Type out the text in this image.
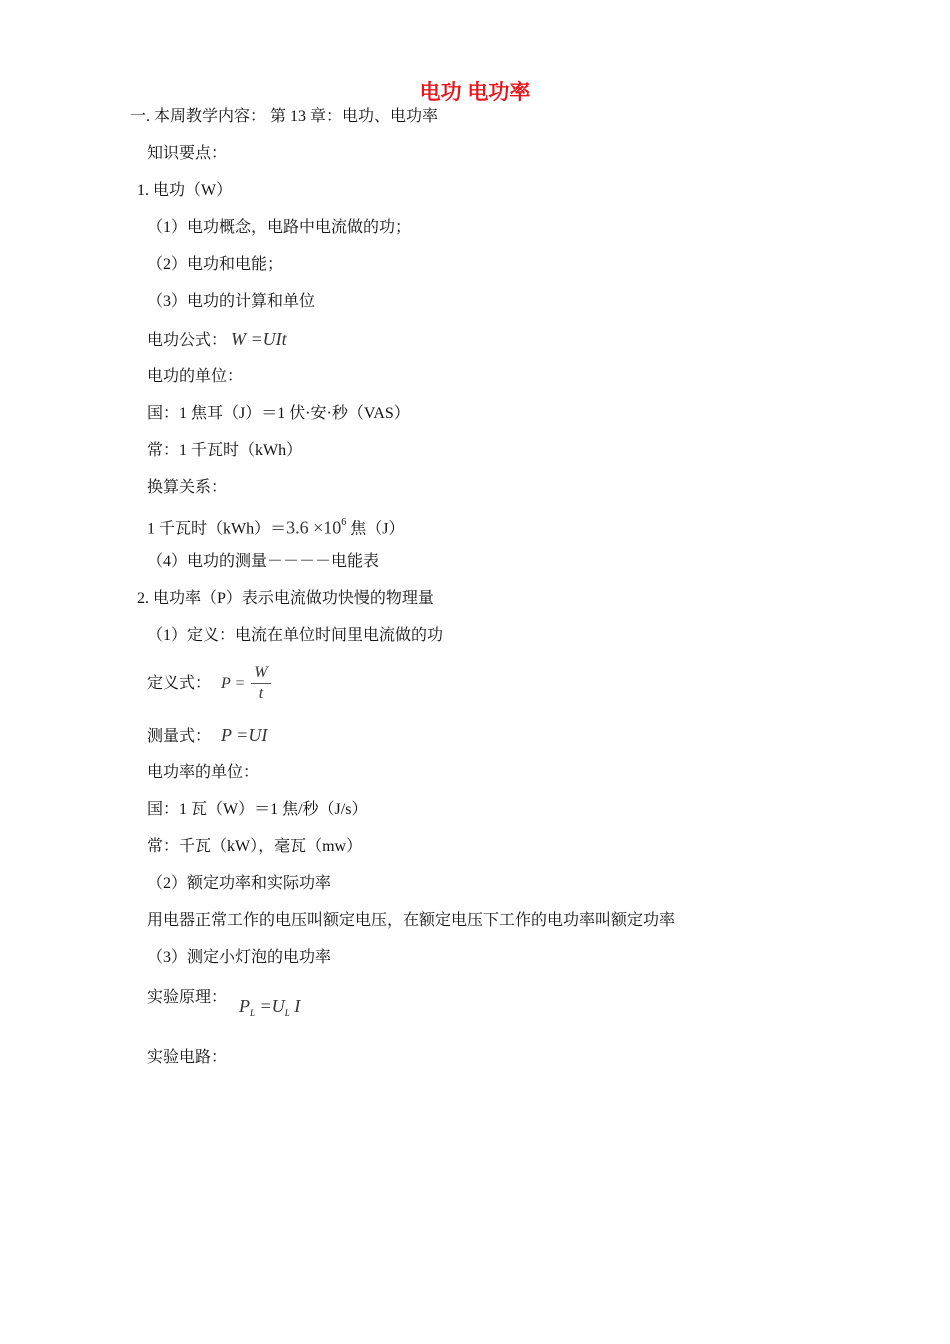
电功 电功率
一. 本周教学内容： 第 13 章：电功、电功率
知识要点：
1. 电功（W）
（1）电功概念，电路中电流做的功；
（2）电功和电能；
（3）电功的计算和单位
电功公式： W =UIt
电功的单位：
国：1 焦耳（J）＝1 伏·安·秒（VAS）
常：1 千瓦时（kWh）
换算关系：
1 千瓦时$(kWh)=3.6 \times 10^6$ 焦（J）
（4）电功的测量－－－－电能表
2. 电功率（P）表示电流做功快慢的物理量
（1）定义：电流在单位时间里电流做的功
定义式： $P = \frac{W}{t}$
测量式： P =UI
电功率的单位：
国：1 瓦（W）＝1 焦/秒（J/s）
常：千瓦（kW），毫瓦（mw）
（2）额定功率和实际功率
用电器正常工作的电压叫额定电压，在额定电压下工作的电功率叫额定功率
（3）测定小灯泡的电功率
实验原理： $P_L =U_L$ I
实验电路：
